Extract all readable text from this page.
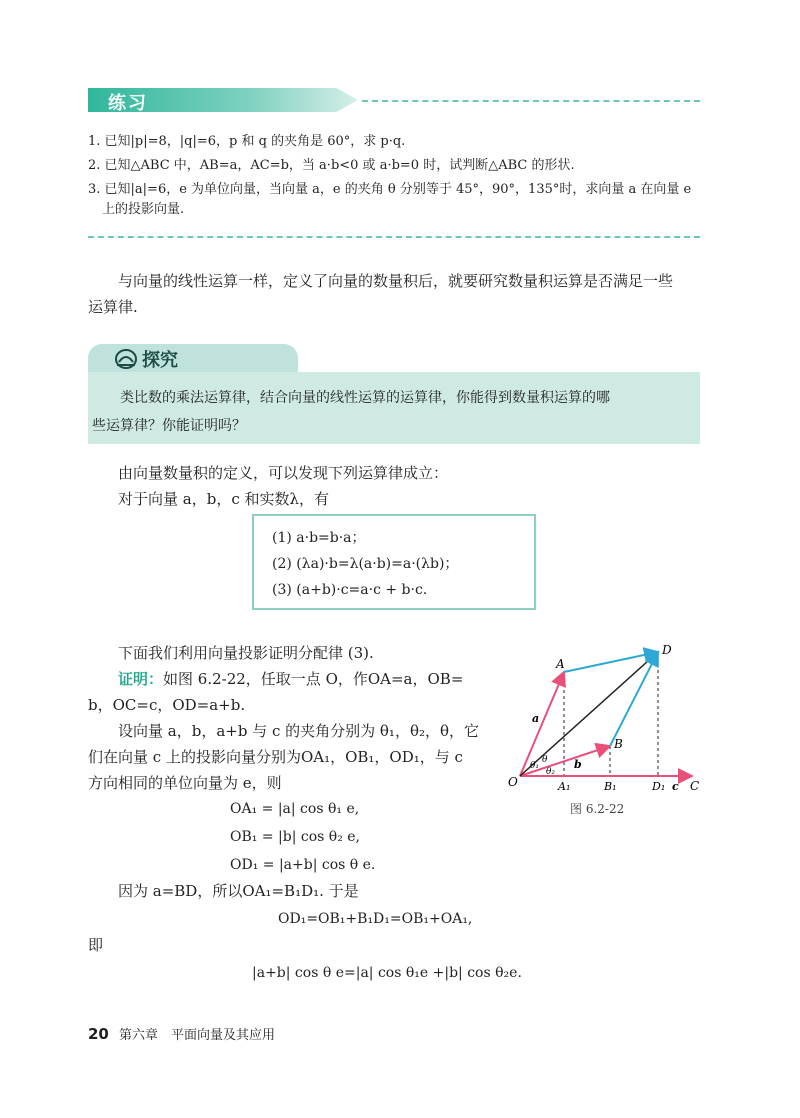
练习
1. 已知|p|=8，|q|=6，p 和 q 的夹角是 60°，求 p·q.
2. 已知△ABC 中，AB=a，AC=b，当 a·b<0 或 a·b=0 时，试判断△ABC 的形状.
3. 已知|a|=6，e 为单位向量，当向量 a，e 的夹角 θ 分别等于 45°，90°，135°时，求向量 a 在向量 e
上的投影向量.
与向量的线性运算一样，定义了向量的数量积后，就要研究数量积运算是否满足一些
运算律.
探究
类比数的乘法运算律，结合向量的线性运算的运算律，你能得到数量积运算的哪
些运算律？你能证明吗？
由向量数量积的定义，可以发现下列运算律成立：
对于向量 a，b，c 和实数λ，有
(1) a·b=b·a；
(2) (λa)·b=λ(a·b)=a·(λb)；
(3) (a+b)·c=a·c + b·c.
下面我们利用向量投影证明分配律 (3).
证明：如图 6.2-22，任取一点 O，作OA=a，OB=
b，OC=c，OD=a+b.
设向量 a，b，a+b 与 c 的夹角分别为 θ₁，θ₂，θ，它
们在向量 c 上的投影向量分别为OA₁，OB₁，OD₁，与 c
方向相同的单位向量为 e，则
OA₁ = |a| cos θ₁ e,
OB₁ = |b| cos θ₂ e,
OD₁ = |a+b| cos θ e.
因为 a=BD，所以OA₁=B₁D₁. 于是
OD₁=OB₁+B₁D₁=OB₁+OA₁,
即
|a+b| cos θ e=|a| cos θ₁e +|b| cos θ₂e.
O
A
B
D
C
A₁	B₁	D₁ c
a
b
θ₁
θ₂
θ
图 6.2-22
20 第六章　平面向量及其应用
